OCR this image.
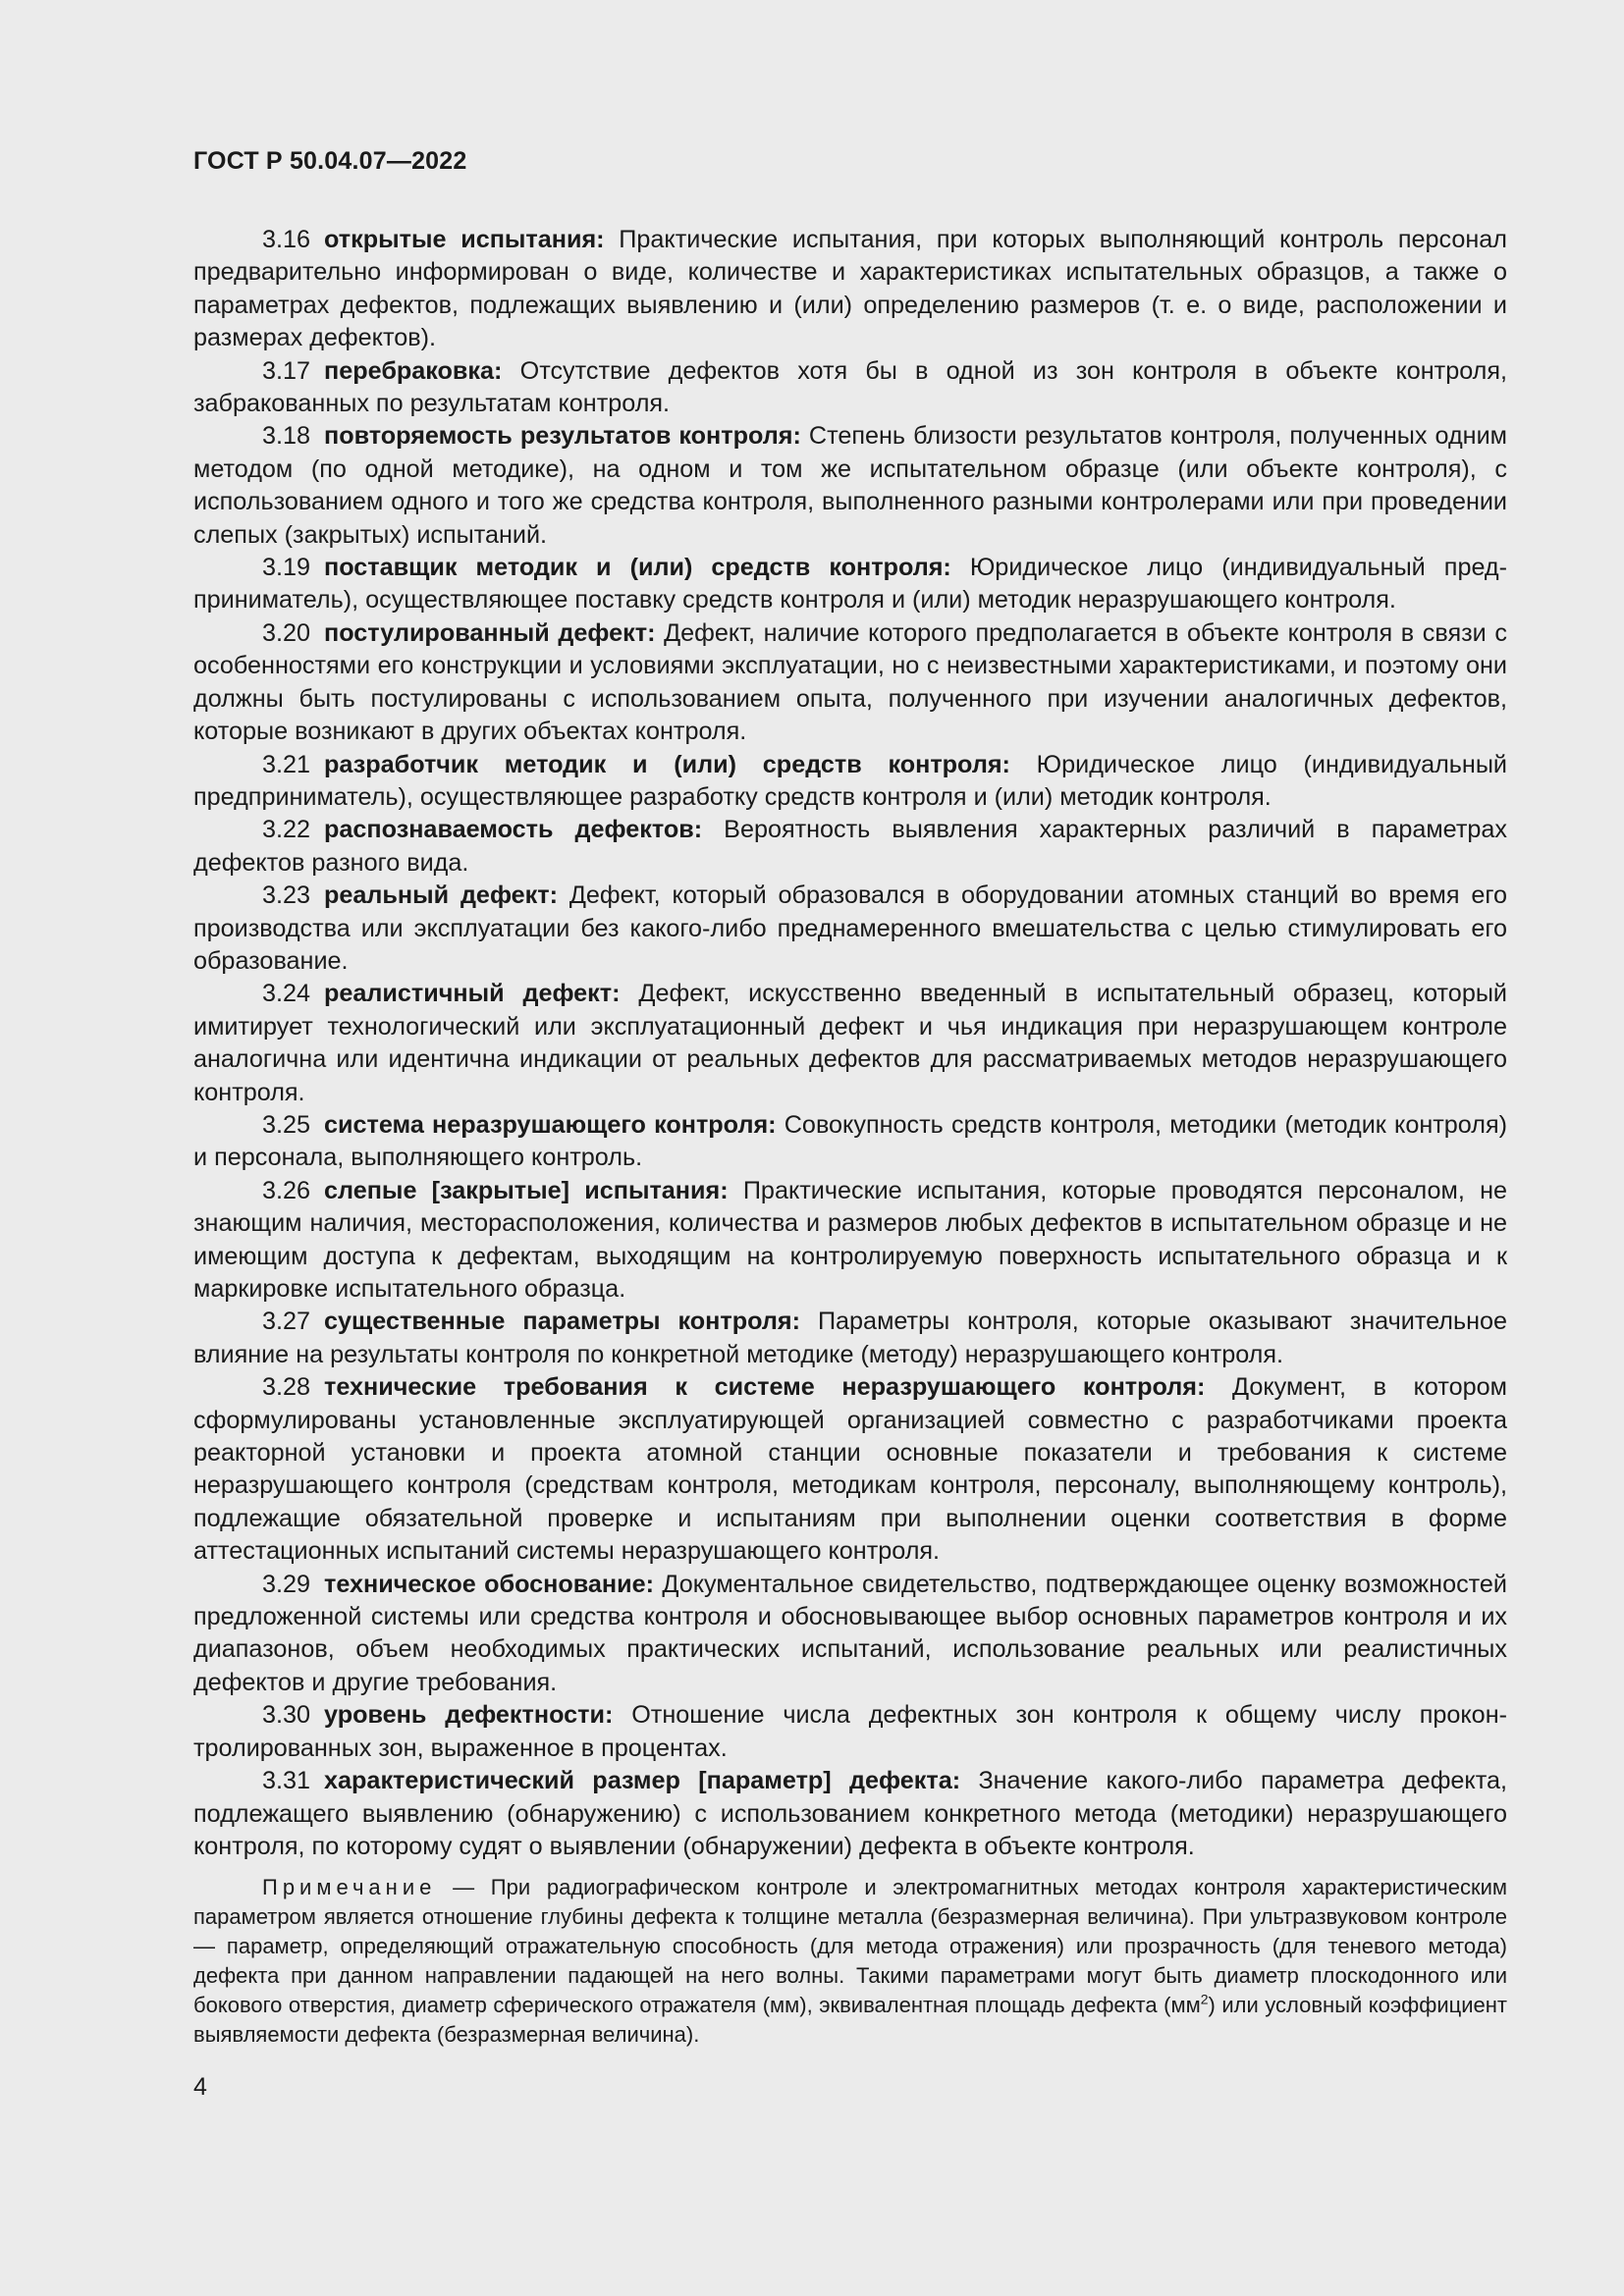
ГОСТ Р 50.04.07—2022

3.16 открытые испытания: Практические испытания, при которых выполняющий контроль персонал предварительно информирован о виде, количестве и характеристиках испытательных образцов, а также о параметрах дефектов, подлежащих выявлению и (или) определению размеров (т. е. о виде, расположении и размерах дефектов).

3.17 перебраковка: Отсутствие дефектов хотя бы в одной из зон контроля в объекте контроля, забракованных по результатам контроля.

3.18 повторяемость результатов контроля: Степень близости результатов контроля, полученных одним методом (по одной методике), на одном и том же испытательном образце (или объекте контроля), с использованием одного и того же средства контроля, выполненного разными контролерами или при проведении слепых (закрытых) испытаний.

3.19 поставщик методик и (или) средств контроля: Юридическое лицо (индивидуальный предприниматель), осуществляющее поставку средств контроля и (или) методик неразрушающего контроля.

3.20 постулированный дефект: Дефект, наличие которого предполагается в объекте контроля в связи с особенностями его конструкции и условиями эксплуатации, но с неизвестными характеристиками, и поэтому они должны быть постулированы с использованием опыта, полученного при изучении аналогичных дефектов, которые возникают в других объектах контроля.

3.21 разработчик методик и (или) средств контроля: Юридическое лицо (индивидуальный предприниматель), осуществляющее разработку средств контроля и (или) методик контроля.

3.22 распознаваемость дефектов: Вероятность выявления характерных различий в параметрах дефектов разного вида.

3.23 реальный дефект: Дефект, который образовался в оборудовании атомных станций во время его производства или эксплуатации без какого-либо преднамеренного вмешательства с целью стимулировать его образование.

3.24 реалистичный дефект: Дефект, искусственно введенный в испытательный образец, который имитирует технологический или эксплуатационный дефект и чья индикация при неразрушающем контроле аналогична или идентична индикации от реальных дефектов для рассматриваемых методов неразрушающего контроля.

3.25 система неразрушающего контроля: Совокупность средств контроля, методики (методик контроля) и персонала, выполняющего контроль.

3.26 слепые [закрытые] испытания: Практические испытания, которые проводятся персоналом, не знающим наличия, месторасположения, количества и размеров любых дефектов в испытательном образце и не имеющим доступа к дефектам, выходящим на контролируемую поверхность испытательного образца и к маркировке испытательного образца.

3.27 существенные параметры контроля: Параметры контроля, которые оказывают значительное влияние на результаты контроля по конкретной методике (методу) неразрушающего контроля.

3.28 технические требования к системе неразрушающего контроля: Документ, в котором сформулированы установленные эксплуатирующей организацией совместно с разработчиками проекта реакторной установки и проекта атомной станции основные показатели и требования к системе неразрушающего контроля (средствам контроля, методикам контроля, персоналу, выполняющему контроль), подлежащие обязательной проверке и испытаниям при выполнении оценки соответствия в форме аттестационных испытаний системы неразрушающего контроля.

3.29 техническое обоснование: Документальное свидетельство, подтверждающее оценку возможностей предложенной системы или средства контроля и обосновывающее выбор основных параметров контроля и их диапазонов, объем необходимых практических испытаний, использование реальных или реалистичных дефектов и другие требования.

3.30 уровень дефектности: Отношение числа дефектных зон контроля к общему числу проконтролированных зон, выраженное в процентах.

3.31 характеристический размер [параметр] дефекта: Значение какого-либо параметра дефекта, подлежащего выявлению (обнаружению) с использованием конкретного метода (методики) неразрушающего контроля, по которому судят о выявлении (обнаружении) дефекта в объекте контроля.

Примечание — При радиографическом контроле и электромагнитных методах контроля характеристическим параметром является отношение глубины дефекта к толщине металла (безразмерная величина). При ультразвуковом контроле — параметр, определяющий отражательную способность (для метода отражения) или прозрачность (для теневого метода) дефекта при данном направлении падающей на него волны. Такими параметрами могут быть диаметр плоскодонного или бокового отверстия, диаметр сферического отражателя (мм), эквивалентная площадь дефекта $(мм^2)$ или условный коэффициент выявляемости дефекта (безразмерная величина).

4
